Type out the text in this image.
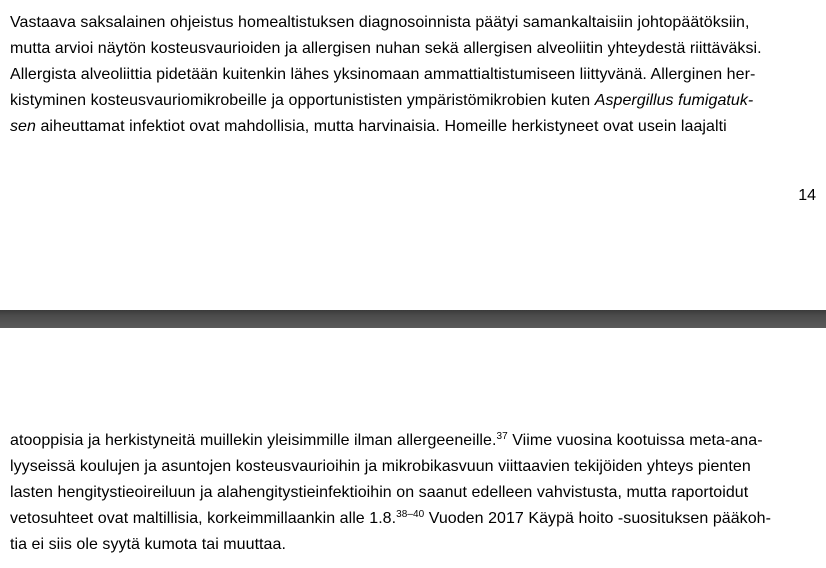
Vastaava saksalainen ohjeistus homealtistuksen diagnosoinnista päätyi samankaltaisiin johtopäätöksiin,
mutta arvioi näytön kosteusvaurioiden ja allergisen nuhan sekä allergisen alveoliitin yhteydestä riittäväksi.
Allergista alveoliittia pidetään kuitenkin lähes yksinomaan ammattialtistumiseen liittyvänä. Allerginen her-
kistyminen kosteusvauriomikrobeille ja opportunististen ympäristömikrobien kuten Aspergillus fumigatuk-
sen aiheuttamat infektiot ovat mahdollisia, mutta harvinaisia. Homeille herkistyneet ovat usein laajalti
14
atooppisia ja herkistyneitä muillekin yleisimmille ilman allergeeneille.$^{37}$ Viime vuosina kootuissa meta-ana-
lyyseissä koulujen ja asuntojen kosteusvaurioihin ja mikrobikasvuun viittaavien tekijöiden yhteys pienten
lasten hengitystieoireiluun ja alahengitystieinfektioihin on saanut edelleen vahvistusta, mutta raportoidut
vetosuhteet ovat maltillisia, korkeimmillaankin alle 1.8.$^{38-40}$ Vuoden 2017 Käypä hoito -suosituksen pääkoh-
tia ei siis ole syytä kumota tai muuttaa.
